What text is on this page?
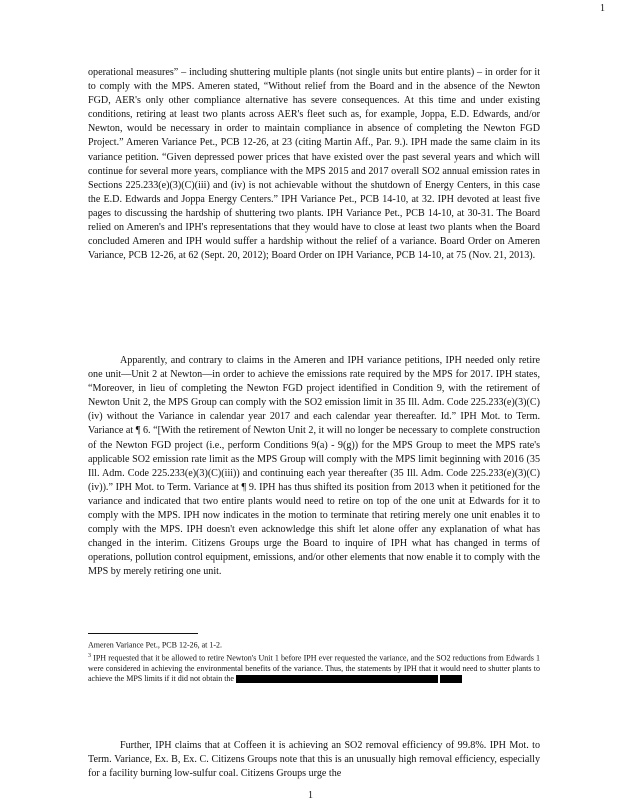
1

operational measures” – including shuttering multiple plants (not single units but entire plants) – in order for it to comply with the MPS. Ameren stated, “Without relief from the Board and in the absence of the Newton FGD, AER's only other compliance alternative has severe consequences. At this time and under existing conditions, retiring at least two plants across AER's fleet such as, for example, Joppa, E.D. Edwards, and/or Newton, would be necessary in order to maintain compliance in absence of completing the Newton FGD Project.” Ameren Variance Pet., PCB 12-26, at 23 (citing Martin Aff., Par. 9.). IPH made the same claim in its variance petition. “Given depressed power prices that have existed over the past several years and which will continue for several more years, compliance with the MPS 2015 and 2017 overall SO2 annual emission rates in Sections 225.233(e)(3)(C)(iii) and (iv) is not achievable without the shutdown of Energy Centers, in this case the E.D. Edwards and Joppa Energy Centers.” IPH Variance Pet., PCB 14-10, at 32. IPH devoted at least five pages to discussing the hardship of shuttering two plants. IPH Variance Pet., PCB 14-10, at 30-31. The Board relied on Ameren's and IPH's representations that they would have to close at least two plants when the Board concluded Ameren and IPH would suffer a hardship without the relief of a variance. Board Order on Ameren Variance, PCB 12-26, at 62 (Sept. 20, 2012); Board Order on IPH Variance, PCB 14-10, at 75 (Nov. 21, 2013).

Apparently, and contrary to claims in the Ameren and IPH variance petitions, IPH needed only retire one unit—Unit 2 at Newton—in order to achieve the emissions rate required by the MPS for 2017. IPH states, “Moreover, in lieu of completing the Newton FGD project identified in Condition 9, with the retirement of Newton Unit 2, the MPS Group can comply with the SO2 emission limit in 35 Ill. Adm. Code 225.233(e)(3)(C)(iv) without the Variance in calendar year 2017 and each calendar year thereafter. Id.” IPH Mot. to Term. Variance at ¶ 6. “[With the retirement of Newton Unit 2, it will no longer be necessary to complete construction of the Newton FGD project (i.e., perform Conditions 9(a) - 9(g)) for the MPS Group to meet the MPS rate's applicable SO2 emission rate limit as the MPS Group will comply with the MPS limit beginning with 2016 (35 Ill. Adm. Code 225.233(e)(3)(C)(iii)) and continuing each year thereafter (35 Ill. Adm. Code 225.233(e)(3)(C)(iv)).” IPH Mot. to Term. Variance at ¶ 9. IPH has thus shifted its position from 2013 when it petitioned for the variance and indicated that two entire plants would need to retire on top of the one unit at Edwards for it to comply with the MPS. IPH now indicates in the motion to terminate that retiring merely one unit enables it to comply with the MPS. IPH doesn't even acknowledge this shift let alone offer any explanation of what has changed in the interim. Citizens Groups urge the Board to inquire of IPH what has changed in terms of operations, pollution control equipment, emissions, and/or other elements that now enable it to comply with the MPS by merely retiring one unit.

Further, IPH claims that at Coffeen it is achieving an SO2 removal efficiency of 99.8%. IPH Mot. to Term. Variance, Ex. B, Ex. C. Citizens Groups note that this is an unusually high removal efficiency, especially for a facility burning low-sulfur coal. Citizens Groups urge the

Ameren Variance Pet., PCB 12-26, at 1-2.

$^3$ IPH requested that it be allowed to retire Newton's Unit 1 before IPH ever requested the variance, and the SO2 reductions from Edwards 1 were considered in achieving the environmental benefits of the variance. Thus, the statements by IPH that it would need to shutter plants to achieve the MPS limits if it did not obtain the

1
